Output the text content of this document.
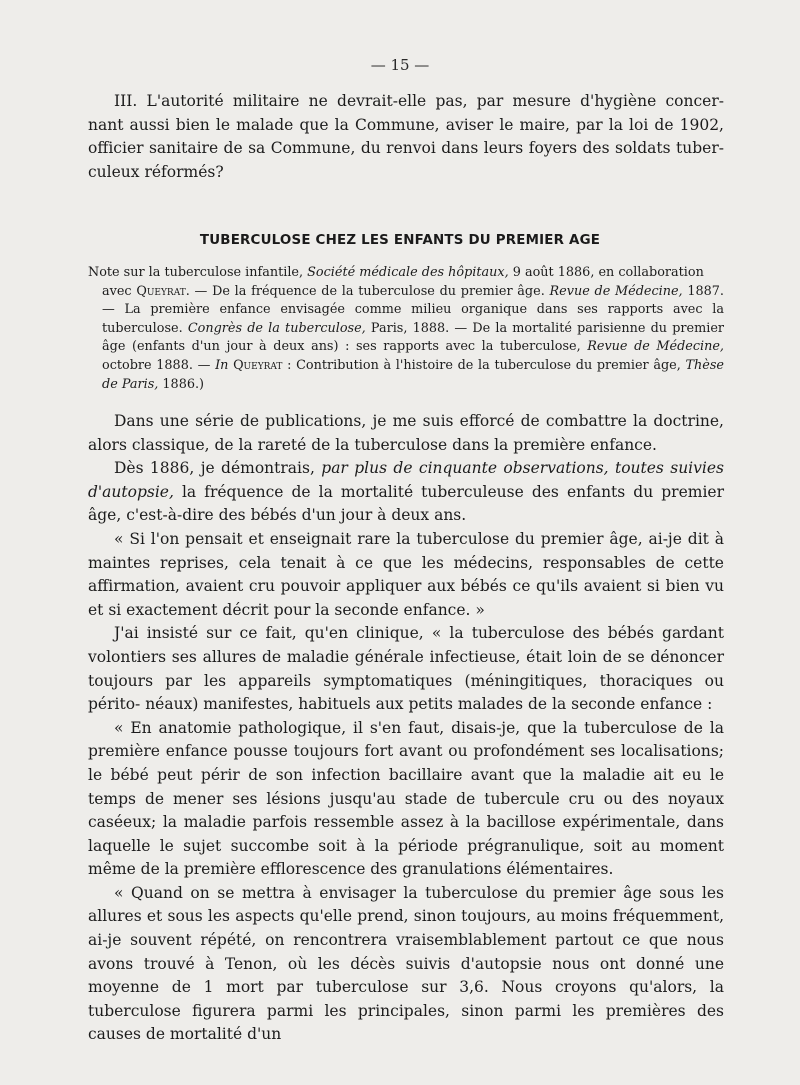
— 15 —

III. L'autorité militaire ne devrait-elle pas, par mesure d'hygiène concer- nant aussi bien le malade que la Commune, aviser le maire, par la loi de 1902, officier sanitaire de sa Commune, du renvoi dans leurs foyers des soldats tuber- culeux réformés?

TUBERCULOSE CHEZ LES ENFANTS DU PREMIER AGE
Note sur la tuberculose infantile, Société médicale des hôpitaux, 9 août 1886, en collaboration
avec Queyrat. — De la fréquence de la tuberculose du premier âge. Revue de Médecine, 1887. — La première enfance envisagée comme milieu organique dans ses rapports avec la tuberculose. Congrès de la tuberculose, Paris, 1888. — De la mortalité parisienne du premier âge (enfants d'un jour à deux ans) : ses rapports avec la tuberculose, Revue de Médecine, octobre 1888. — In Queyrat : Contribution à l'histoire de la tuberculose du premier âge, Thèse de Paris, 1886.)

Dans une série de publications, je me suis efforcé de combattre la doctrine, alors classique, de la rareté de la tuberculose dans la première enfance.

Dès 1886, je démontrais, par plus de cinquante observations, toutes suivies d'autopsie, la fréquence de la mortalité tuberculeuse des enfants du premier âge, c'est-à-dire des bébés d'un jour à deux ans.

« Si l'on pensait et enseignait rare la tuberculose du premier âge, ai-je dit à maintes reprises, cela tenait à ce que les médecins, responsables de cette affirmation, avaient cru pouvoir appliquer aux bébés ce qu'ils avaient si bien vu et si exactement décrit pour la seconde enfance. »

J'ai insisté sur ce fait, qu'en clinique, « la tuberculose des bébés gardant volontiers ses allures de maladie générale infectieuse, était loin de se dénoncer toujours par les appareils symptomatiques (méningitiques, thoraciques ou périto- néaux) manifestes, habituels aux petits malades de la seconde enfance :

« En anatomie pathologique, il s'en faut, disais-je, que la tuberculose de la première enfance pousse toujours fort avant ou profondément ses localisations; le bébé peut périr de son infection bacillaire avant que la maladie ait eu le temps de mener ses lésions jusqu'au stade de tubercule cru ou des noyaux caséeux; la maladie parfois ressemble assez à la bacillose expérimentale, dans laquelle le sujet succombe soit à la période prégranulique, soit au moment même de la première efflorescence des granulations élémentaires.

« Quand on se mettra à envisager la tuberculose du premier âge sous les allures et sous les aspects qu'elle prend, sinon toujours, au moins fréquemment, ai-je souvent répété, on rencontrera vraisemblablement partout ce que nous avons trouvé à Tenon, où les décès suivis d'autopsie nous ont donné une moyenne de 1 mort par tuberculose sur 3,6. Nous croyons qu'alors, la tuberculose figurera parmi les principales, sinon parmi les premières des causes de mortalité d'un
